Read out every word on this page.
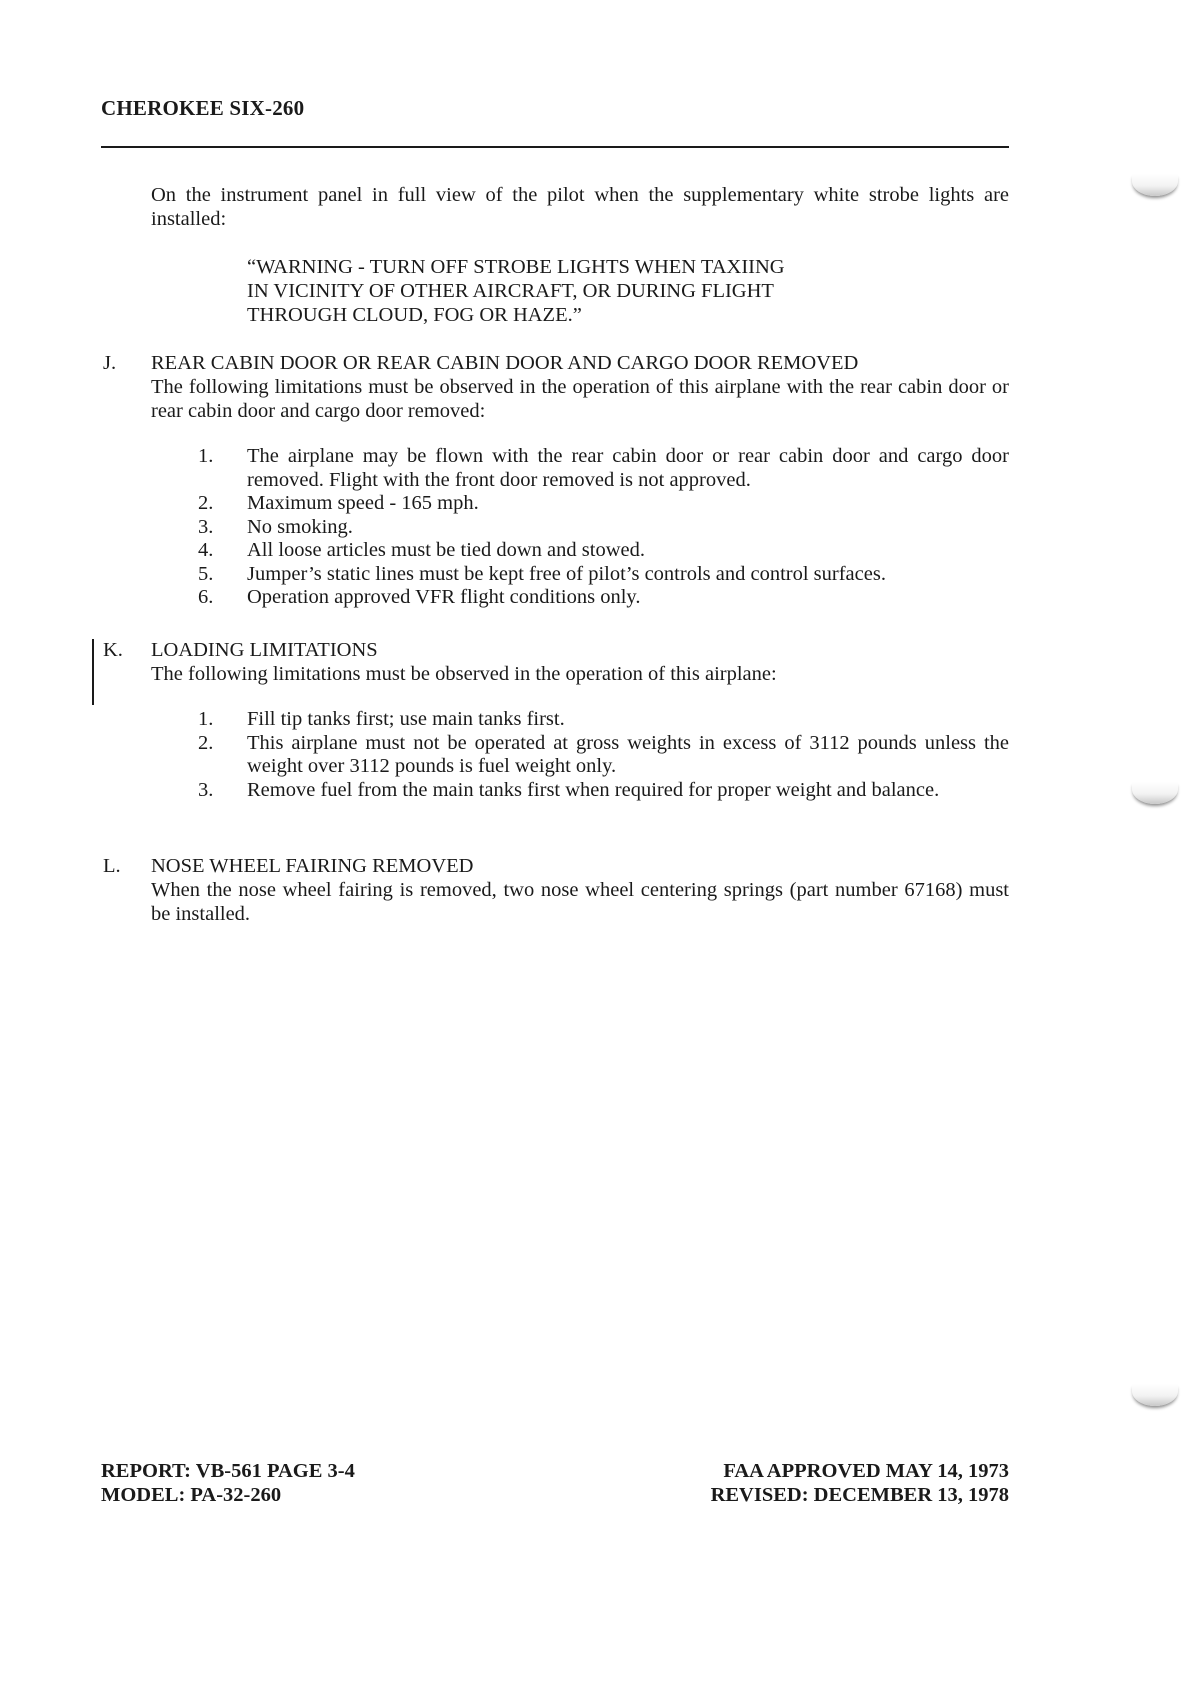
CHEROKEE SIX-260
On the instrument panel in full view of the pilot when the supplementary white strobe lights are installed:
“WARNING - TURN OFF STROBE LIGHTS WHEN TAXIING
IN VICINITY OF OTHER AIRCRAFT, OR DURING FLIGHT
THROUGH CLOUD, FOG OR HAZE.”
J. REAR CABIN DOOR OR REAR CABIN DOOR AND CARGO DOOR REMOVED
The following limitations must be observed in the operation of this airplane with the rear cabin door or rear cabin door and cargo door removed:
1.	The airplane may be flown with the rear cabin door or rear cabin door and cargo door removed. Flight with the front door removed is not approved.
2.	Maximum speed - 165 mph.
3.	No smoking.
4.	All loose articles must be tied down and stowed.
5.	Jumper’s static lines must be kept free of pilot’s controls and control surfaces.
6.	Operation approved VFR flight conditions only.
K. LOADING LIMITATIONS
The following limitations must be observed in the operation of this airplane:
1.	Fill tip tanks first; use main tanks first.
2.	This airplane must not be operated at gross weights in excess of 3112 pounds unless the weight over 3112 pounds is fuel weight only.
3.	Remove fuel from the main tanks first when required for proper weight and balance.
L. NOSE WHEEL FAIRING REMOVED
When the nose wheel fairing is removed, two nose wheel centering springs (part number 67168) must be installed.
REPORT: VB-561 PAGE 3-4
MODEL: PA-32-260
FAA APPROVED MAY 14, 1973
REVISED: DECEMBER 13, 1978
